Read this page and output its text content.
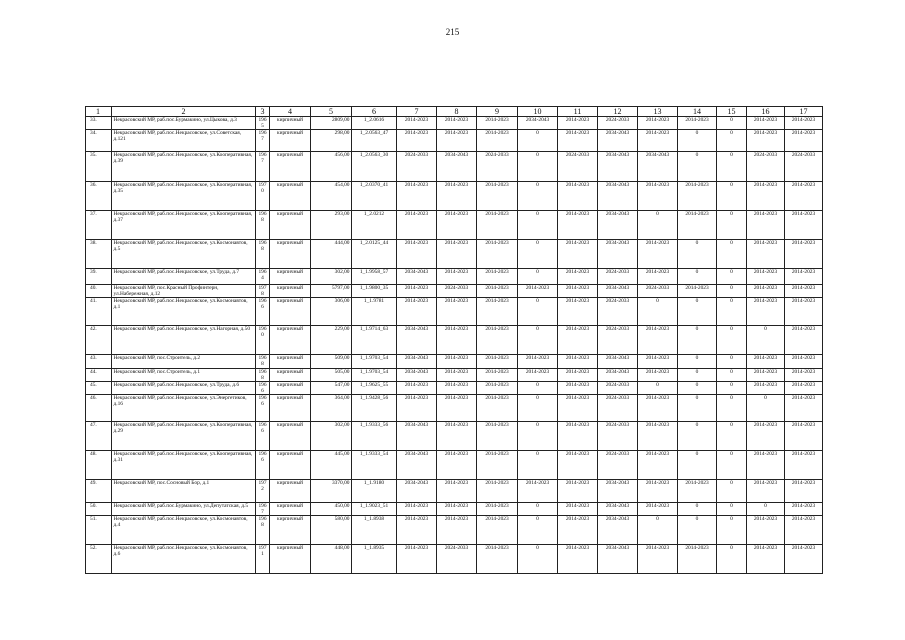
215
1	2	3	4	5	6	7	8	9	10	11	12	13	14	15	16	17
33.	Некрасовский МР, раб.пос.Бурмакино, ул.Цыкова, д.3	1965	кирпичный	2809,00	1_2.0616	2014-2023	2014-2023	2014-2023	2034-2043	2014-2023	2024-2033	2014-2023	2014-2023	0	2014-2023	2014-2023
34.	Некрасовский МР, раб.пос.Некрасовское, ул.Советская, д.121	1967	кирпичный	298,00	1_2.0563_47	2014-2023	2014-2023	2014-2023	0	2014-2023	2034-2043	2014-2023	0	0	2014-2023	2014-2023
35.	Некрасовский МР, раб.пос.Некрасовское, ул.Кооперативная, д.39	1967	кирпичный	456,00	1_2.0563_30	2024-2033	2034-2043	2024-2033	0	2024-2033	2034-2043	2034-2043	0	0	2024-2033	2024-2033
36.	Некрасовский МР, раб.пос.Некрасовское, ул.Кооперативная, д.35	1970	кирпичный	454,00	1_2.0370_41	2014-2023	2014-2023	2014-2023	0	2014-2023	2034-2043	2014-2023	2014-2023	0	2014-2023	2014-2023
37.	Некрасовский МР, раб.пос.Некрасовское, ул.Кооперативная, д.37	1968	кирпичный	293,00	1_2.0212	2014-2023	2014-2023	2014-2023	0	2014-2023	2034-2043	0	2014-2023	0	2014-2023	2014-2023
38.	Некрасовский МР, раб.пос.Некрасовское, ул.Космонавтов, д.5	1968	кирпичный	444,00	1_2.0125_44	2014-2023	2014-2023	2014-2023	0	2014-2023	2034-2043	2014-2023	0	0	2014-2023	2014-2023
39.	Некрасовский МР, раб.пос.Некрасовское, ул.Труда, д.7	1964	кирпичный	302,00	1_1.9958_57	2034-2043	2014-2023	2014-2023	0	2014-2023	2024-2033	2014-2023	0	0	2014-2023	2014-2023
40.	Некрасовский МР, пос.Красный Профинтерн, ул.Набережная, д.12	1978	кирпичный	5797,00	1_1.9800_35	2014-2023	2024-2033	2014-2023	2014-2023	2014-2023	2034-2043	2024-2033	2014-2023	0	2014-2023	2014-2023
41.	Некрасовский МР, раб.пос.Некрасовское, ул.Космонавтов, д.1	1966	кирпичный	306,00	1_1.9781	2014-2023	2014-2023	2014-2023	0	2014-2023	2024-2033	0	0	0	2014-2023	2014-2023
42.	Некрасовский МР, раб.пос.Некрасовское, ул.Нагорная, д.50	1960	кирпичный	229,00	1_1.9714_63	2034-2043	2014-2023	2014-2023	0	2014-2023	2024-2033	2014-2023	0	0	0	2014-2023
43.	Некрасовский МР, пос.Строитель, д.2	1968	кирпичный	509,00	1_1.9703_54	2034-2043	2014-2023	2014-2023	2014-2023	2014-2023	2034-2043	2014-2023	0	0	2014-2023	2014-2023
44.	Некрасовский МР, пос.Строитель, д.1	1968	кирпичный	505,00	1_1.9703_54	2034-2043	2014-2023	2014-2023	2014-2023	2014-2023	2034-2043	2014-2023	0	0	2014-2023	2014-2023
45.	Некрасовский МР, раб.пос.Некрасовское, ул.Труда, д.6	1966	кирпичный	547,00	1_1.9625_55	2014-2023	2014-2023	2014-2023	0	2014-2023	2024-2033	0	0	0	2014-2023	2014-2023
46.	Некрасовский МР, раб.пос.Некрасовское, ул.Энергетиков, д.16	1966	кирпичный	364,00	1_1.9428_56	2014-2023	2014-2023	2014-2023	0	2014-2023	2024-2033	2014-2023	0	0	0	2014-2023
47.	Некрасовский МР, раб.пос.Некрасовское, ул.Кооперативная, д.29	1966	кирпичный	302,00	1_1.9333_56	2034-2043	2014-2023	2014-2023	0	2014-2023	2024-2033	2014-2023	0	0	2014-2023	2014-2023
48.	Некрасовский МР, раб.пос.Некрасовское, ул.Кооперативная, д.31	1966	кирпичный	445,00	1_1.9333_54	2034-2043	2014-2023	2014-2023	0	2014-2023	2024-2033	2014-2023	0	0	2014-2023	2014-2023
49.	Некрасовский МР, пос.Сосновый Бор, д.1	1972	кирпичный	3370,00	1_1.9180	2034-2043	2014-2023	2014-2023	2014-2023	2014-2023	2034-2043	2014-2023	2014-2023	0	2014-2023	2014-2023
50.	Некрасовский МР, раб.пос.Бурмакино, ул.Депутатская, д.5	1967	кирпичный	450,00	1_1.9023_51	2014-2023	2014-2023	2014-2023	0	2014-2023	2034-2043	2014-2023	0	0	0	2014-2023
51.	Некрасовский МР, раб.пос.Некрасовское, ул.Космонавтов, д.4	1968	кирпичный	580,00	1_1.8938	2014-2023	2014-2023	2014-2023	0	2014-2023	2034-2043	0	0	0	2014-2023	2014-2023
52.	Некрасовский МР, раб.пос.Некрасовское, ул.Космонавтов, д.6	1971	кирпичный	448,00	1_1.8935	2014-2023	2024-2033	2014-2023	0	2014-2023	2034-2043	2014-2023	2014-2023	0	2014-2023	2014-2023
